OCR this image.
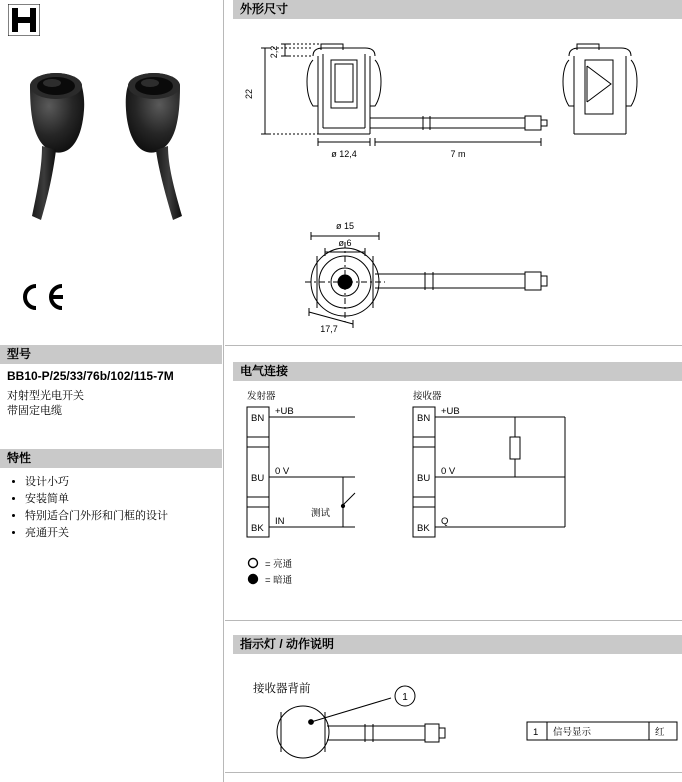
型号
BB10-P/25/33/76b/102/115-7M
对射型光电开关
带固定电缆
特性
• 设计小巧
• 安装简单
• 特别适合门外形和门框的设计
• 亮通开关
外形尺寸
电气连接
指示灯 / 动作说明
22
2,2
ø 12,4	7 m
ø 15
ø 6
17,7
发射器	接收器
BN
BU
BK
+UB
0 V
IN
BN
BU
BK
+UB
0 V
Q
测试
= 亮通
= 暗通
1
接收器背前
1 信号显示	红
